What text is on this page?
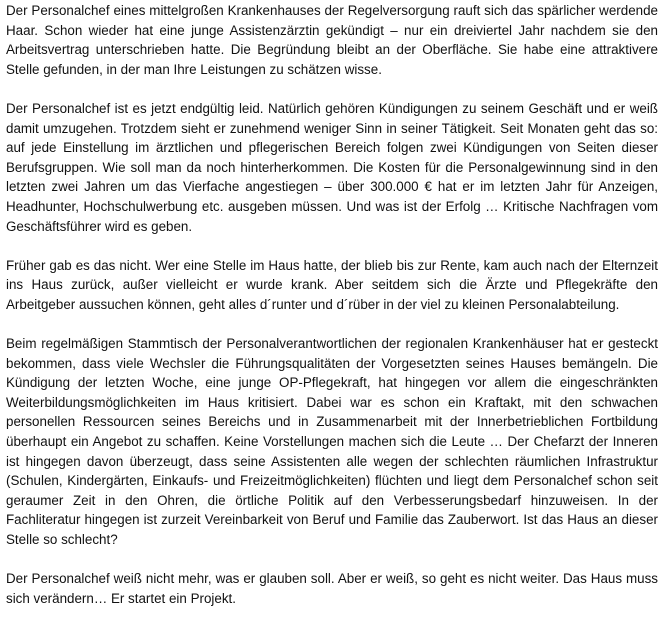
Der Personalchef eines mittelgroßen Krankenhauses der Regelversorgung rauft sich das spärlicher werdende Haar. Schon wieder hat eine junge Assistenzärztin gekündigt – nur ein dreiviertel Jahr nachdem sie den Arbeitsvertrag unterschrieben hatte. Die Begründung bleibt an der Oberfläche. Sie habe eine attraktivere Stelle gefunden, in der man Ihre Leistungen zu schätzen wisse.

Der Personalchef ist es jetzt endgültig leid. Natürlich gehören Kündigungen zu seinem Geschäft und er weiß damit umzugehen. Trotzdem sieht er zunehmend weniger Sinn in seiner Tätigkeit. Seit Monaten geht das so: auf jede Einstellung im ärztlichen und pflegerischen Bereich folgen zwei Kündigungen von Seiten dieser Berufsgruppen. Wie soll man da noch hinterherkommen. Die Kosten für die Personalgewinnung sind in den letzten zwei Jahren um das Vierfache angestiegen – über 300.000 € hat er im letzten Jahr für Anzeigen, Headhunter, Hochschulwerbung etc. ausgeben müssen. Und was ist der Erfolg … Kritische Nachfragen vom Geschäftsführer wird es geben.

Früher gab es das nicht. Wer eine Stelle im Haus hatte, der blieb bis zur Rente, kam auch nach der Elternzeit ins Haus zurück, außer vielleicht er wurde krank. Aber seitdem sich die Ärzte und Pflegekräfte den Arbeitgeber aussuchen können, geht alles d´runter und d´rüber in der viel zu kleinen Personalabteilung.

Beim regelmäßigen Stammtisch der Personalverantwortlichen der regionalen Krankenhäuser hat er gesteckt bekommen, dass viele Wechsler die Führungsqualitäten der Vorgesetzten seines Hauses bemängeln. Die Kündigung der letzten Woche, eine junge OP-Pflegekraft, hat hingegen vor allem die eingeschränkten Weiterbildungsmöglichkeiten im Haus kritisiert. Dabei war es schon ein Kraftakt, mit den schwachen personellen Ressourcen seines Bereichs und in Zusammenarbeit mit der Innerbetrieblichen Fortbildung überhaupt ein Angebot zu schaffen. Keine Vorstellungen machen sich die Leute … Der Chefarzt der Inneren ist hingegen davon überzeugt, dass seine Assistenten alle wegen der schlechten räumlichen Infrastruktur (Schulen, Kindergärten, Einkaufs- und Freizeitmöglichkeiten) flüchten und liegt dem Personalchef schon seit geraumer Zeit in den Ohren, die örtliche Politik auf den Verbesserungsbedarf hinzuweisen. In der Fachliteratur hingegen ist zurzeit Vereinbarkeit von Beruf und Familie das Zauberwort. Ist das Haus an dieser Stelle so schlecht?

Der Personalchef weiß nicht mehr, was er glauben soll. Aber er weiß, so geht es nicht weiter. Das Haus muss sich verändern… Er startet ein Projekt.
